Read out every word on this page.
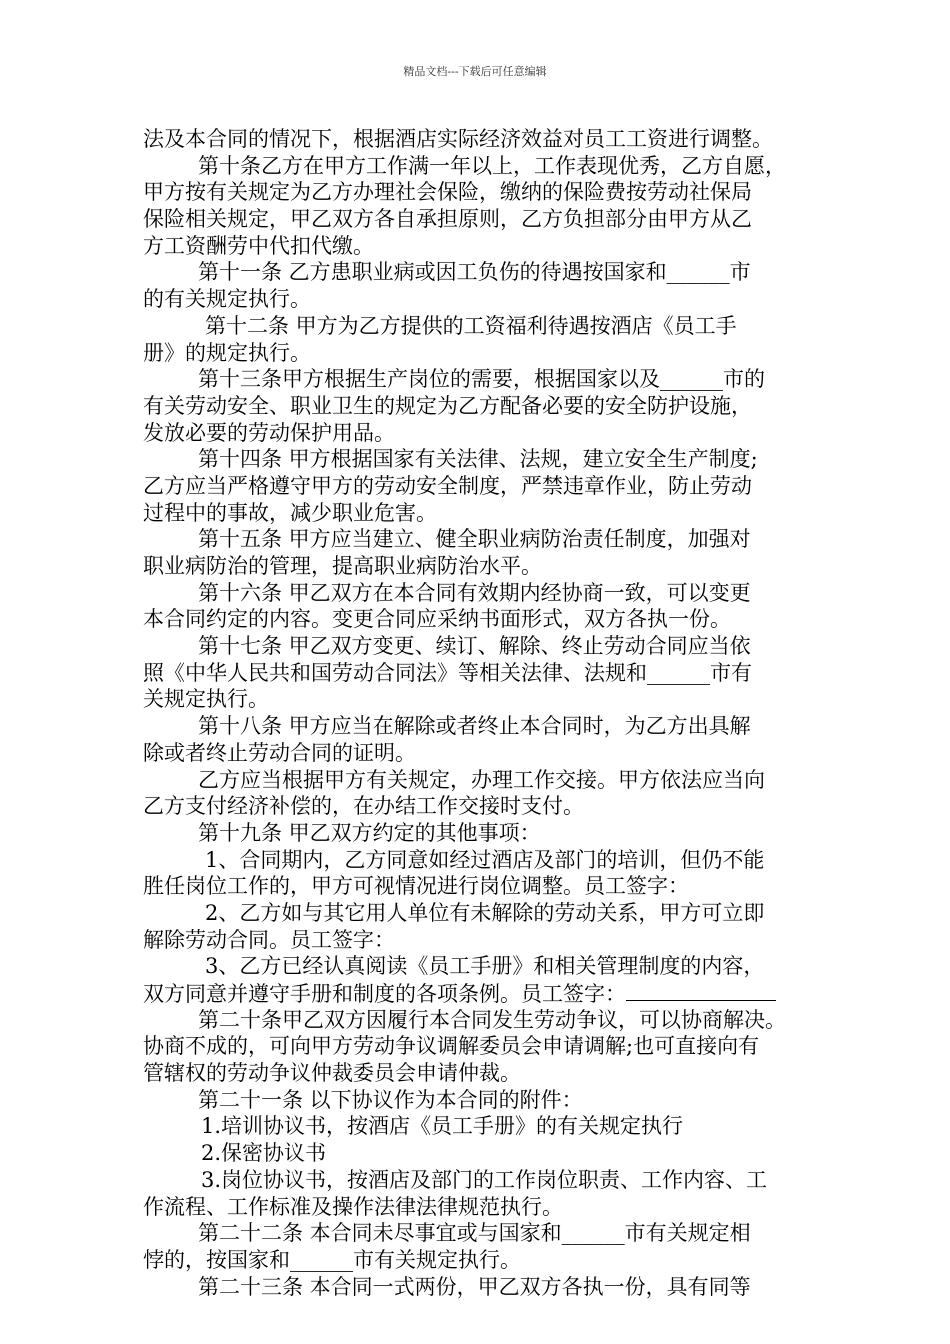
精品文档---下载后可任意编辑
法及本合同的情况下，根据酒店实际经济效益对员工工资进行调整。
第十条乙方在甲方工作满一年以上，工作表现优秀，乙方自愿，
甲方按有关规定为乙方办理社会保险，缴纳的保险费按劳动社保局
保险相关规定，甲乙双方各自承担原则，乙方负担部分由甲方从乙
方工资酬劳中代扣代缴。
第十一条 乙方患职业病或因工负伤的待遇按国家和______市
的有关规定执行。
第十二条 甲方为乙方提供的工资福利待遇按酒店《员工手
册》的规定执行。
第十三条甲方根据生产岗位的需要，根据国家以及______市的
有关劳动安全、职业卫生的规定为乙方配备必要的安全防护设施，
发放必要的劳动保护用品。
第十四条 甲方根据国家有关法律、法规，建立安全生产制度;
乙方应当严格遵守甲方的劳动安全制度，严禁违章作业，防止劳动
过程中的事故，减少职业危害。
第十五条 甲方应当建立、健全职业病防治责任制度，加强对
职业病防治的管理，提高职业病防治水平。
第十六条 甲乙双方在本合同有效期内经协商一致，可以变更
本合同约定的内容。变更合同应采纳书面形式，双方各执一份。
第十七条 甲乙双方变更、续订、解除、终止劳动合同应当依
照《中华人民共和国劳动合同法》等相关法律、法规和______市有
关规定执行。
第十八条 甲方应当在解除或者终止本合同时，为乙方出具解
除或者终止劳动合同的证明。
乙方应当根据甲方有关规定，办理工作交接。甲方依法应当向
乙方支付经济补偿的，在办结工作交接时支付。
第十九条 甲乙双方约定的其他事项：
1、合同期内，乙方同意如经过酒店及部门的培训，但仍不能
胜任岗位工作的，甲方可视情况进行岗位调整。员工签字：
2、乙方如与其它用人单位有未解除的劳动关系，甲方可立即
解除劳动合同。员工签字：
3、乙方已经认真阅读《员工手册》和相关管理制度的内容，
双方同意并遵守手册和制度的各项条例。员工签字：
第二十条甲乙双方因履行本合同发生劳动争议，可以协商解决。
协商不成的，可向甲方劳动争议调解委员会申请调解;也可直接向有
管辖权的劳动争议仲裁委员会申请仲裁。
第二十一条 以下协议作为本合同的附件：
1.培训协议书，按酒店《员工手册》的有关规定执行
2.保密协议书
3.岗位协议书，按酒店及部门的工作岗位职责、工作内容、工
作流程、工作标准及操作法律法律规范执行。
第二十二条 本合同未尽事宜或与国家和______市有关规定相
悖的，按国家和______市有关规定执行。
第二十三条 本合同一式两份，甲乙双方各执一份，具有同等
